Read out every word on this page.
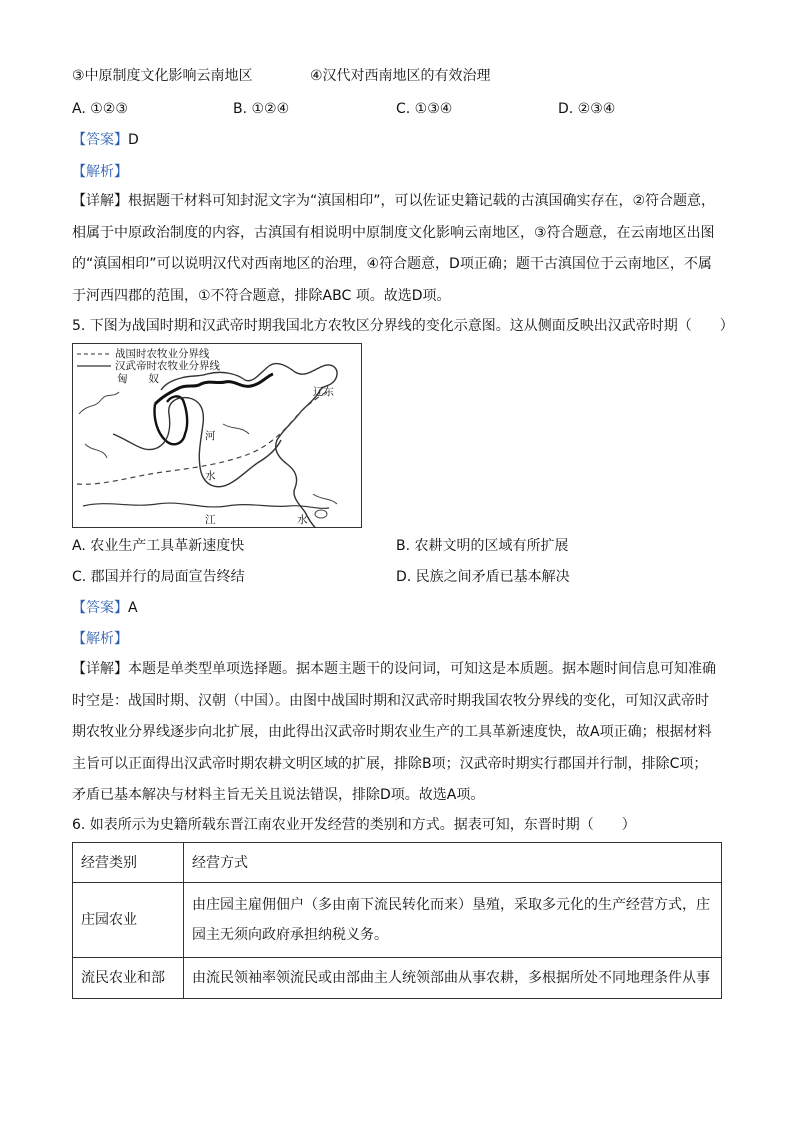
③中原制度文化影响云南地区	④汉代对西南地区的有效治理
A. ①②③	B. ①②④	C. ①③④	D. ②③④
【答案】D
【解析】
【详解】根据题干材料可知封泥文字为“滇国相印”，可以佐证史籍记载的古滇国确实存在，②符合题意，
相属于中原政治制度的内容，古滇国有相说明中原制度文化影响云南地区，③符合题意，在云南地区出图
的“滇国相印”可以说明汉代对西南地区的治理，④符合题意，D项正确；题干古滇国位于云南地区，不属
于河西四郡的范围，①不符合题意，排除ABC 项。故选D项。
5. 下图为战国时期和汉武帝时期我国北方农牧区分界线的变化示意图。这从侧面反映出汉武帝时期（　　）
战国时农牧业分界线
汉武帝时农牧业分界线
匈　　奴
辽东
河
水
江	水
A. 农业生产工具革新速度快	B. 农耕文明的区域有所扩展
C. 郡国并行的局面宣告终结	D. 民族之间矛盾已基本解决
【答案】A
【解析】
【详解】本题是单类型单项选择题。据本题主题干的设问词，可知这是本质题。据本题时间信息可知准确
时空是：战国时期、汉朝（中国）。由图中战国时期和汉武帝时期我国农牧分界线的变化，可知汉武帝时
期农牧业分界线逐步向北扩展，由此得出汉武帝时期农业生产的工具革新速度快，故A项正确；根据材料
主旨可以正面得出汉武帝时期农耕文明区域的扩展，排除B项；汉武帝时期实行郡国并行制，排除C项；
矛盾已基本解决与材料主旨无关且说法错误，排除D项。故选A项。
6. 如表所示为史籍所载东晋江南农业开发经营的类别和方式。据表可知，东晋时期（　　）
经营类别	经营方式
庄园农业	由庄园主雇佣佃户（多由南下流民转化而来）垦殖，采取多元化的生产经营方式，庄
园主无须向政府承担纳税义务。

流民农业和部	由流民领袖率领流民或由部曲主人统领部曲从事农耕，多根据所处不同地理条件从事
